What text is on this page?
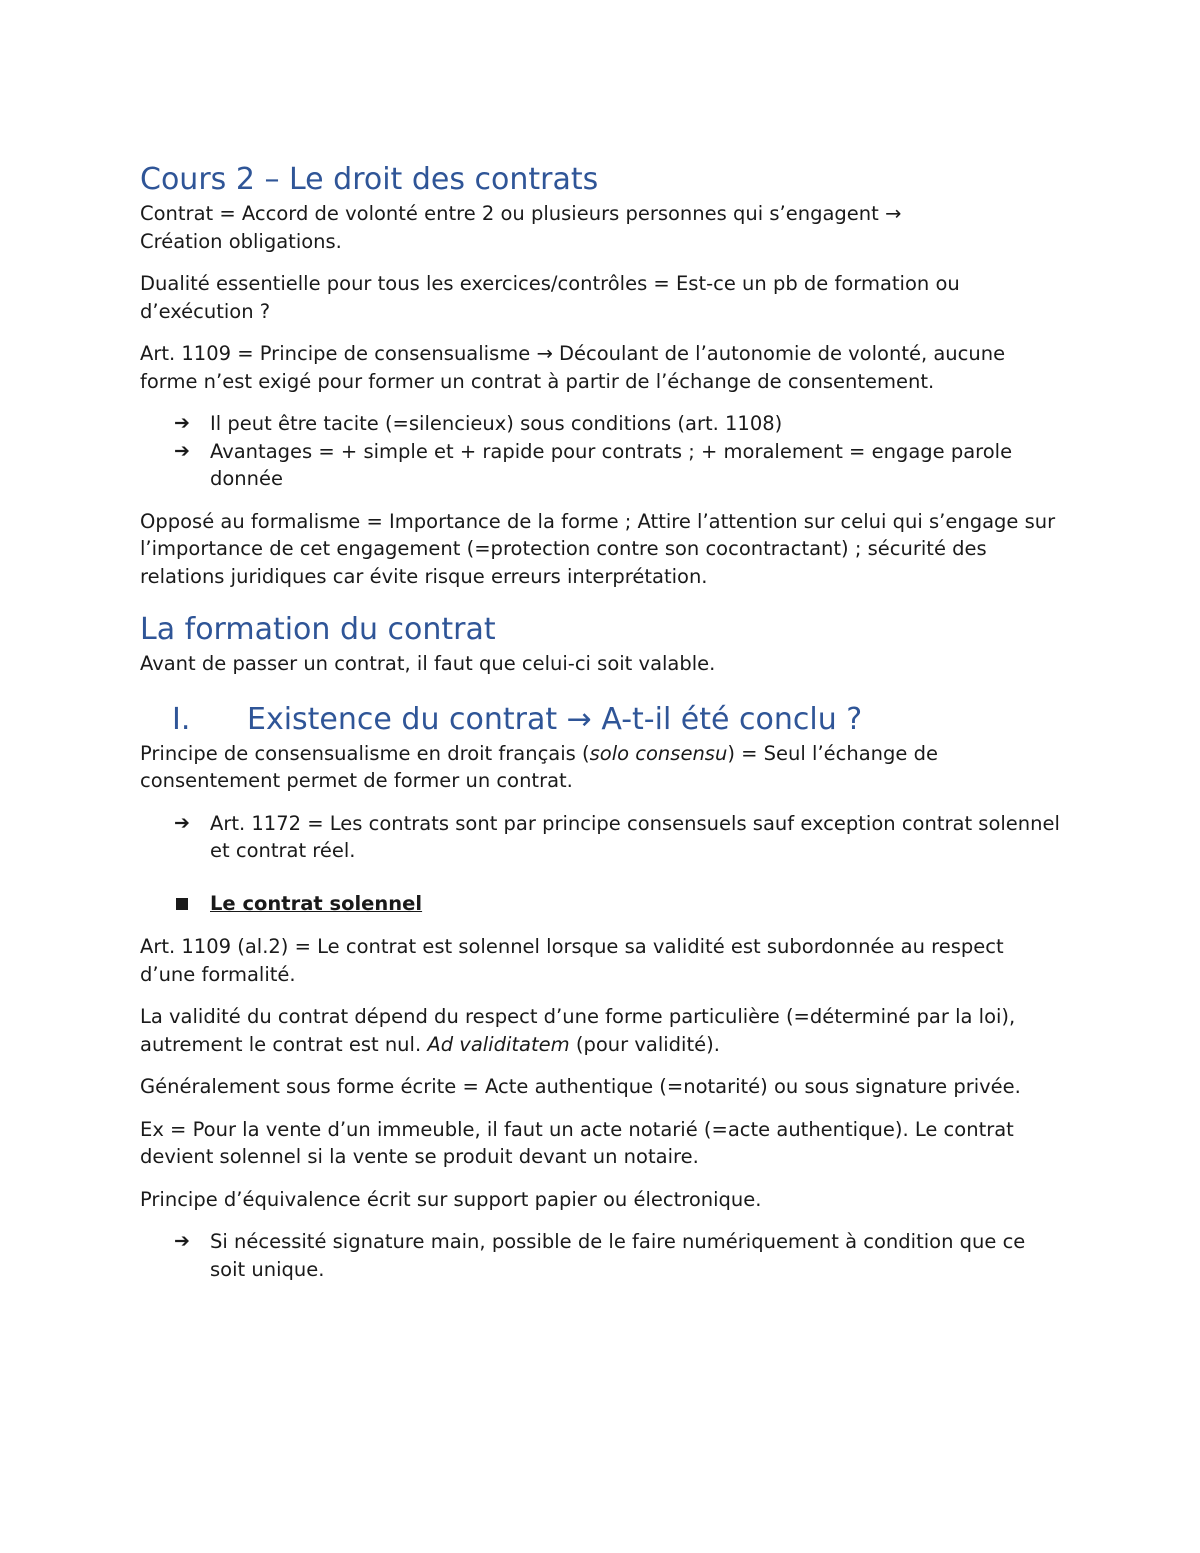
Cours 2 – Le droit des contrats

Contrat = Accord de volonté entre 2 ou plusieurs personnes qui s’engagent →
Création obligations.

Dualité essentielle pour tous les exercices/contrôles = Est-ce un pb de formation ou d’exécution ?

Art. 1109 = Principe de consensualisme → Découlant de l’autonomie de volonté, aucune forme n’est exigé pour former un contrat à partir de l’échange de consentement.

➔ Il peut être tacite (=silencieux) sous conditions (art. 1108)
➔ Avantages = + simple et + rapide pour contrats ; + moralement = engage parole donnée

Opposé au formalisme = Importance de la forme ; Attire l’attention sur celui qui s’engage sur l’importance de cet engagement (=protection contre son cocontractant) ; sécurité des relations juridiques car évite risque erreurs interprétation.

La formation du contrat

Avant de passer un contrat, il faut que celui-ci soit valable.

I. Existence du contrat → A-t-il été conclu ?

Principe de consensualisme en droit français (solo consensu) = Seul l’échange de consentement permet de former un contrat.

➔ Art. 1172 = Les contrats sont par principe consensuels sauf exception contrat solennel et contrat réel.
Le contrat solennel

Art. 1109 (al.2) = Le contrat est solennel lorsque sa validité est subordonnée au respect d’une formalité.

La validité du contrat dépend du respect d’une forme particulière (=déterminé par la loi), autrement le contrat est nul. Ad validitatem (pour validité).

Généralement sous forme écrite = Acte authentique (=notarité) ou sous signature privée.

Ex = Pour la vente d’un immeuble, il faut un acte notarié (=acte authentique). Le contrat devient solennel si la vente se produit devant un notaire.

Principe d’équivalence écrit sur support papier ou électronique.

➔ Si nécessité signature main, possible de le faire numériquement à condition que ce soit unique.
